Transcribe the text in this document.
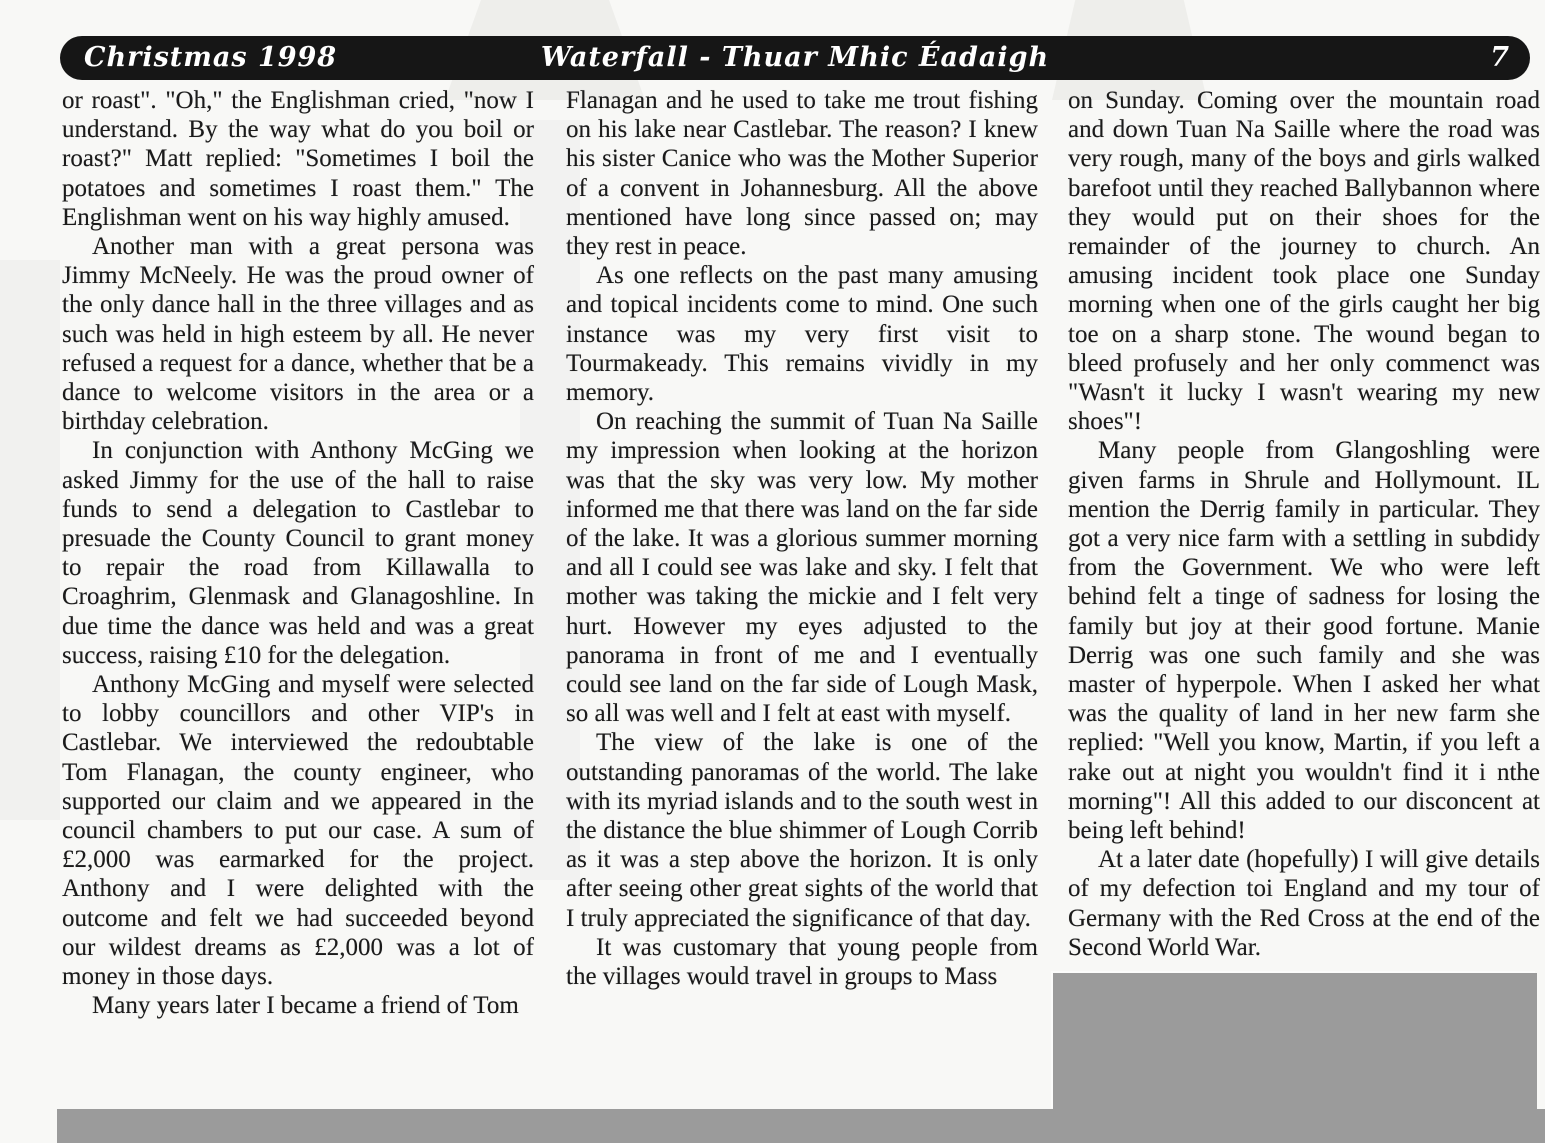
Christmas 1998	Waterfall - Thuar Mhic Éadaigh	7

or roast". "Oh," the Englishman cried, "now I understand. By the way what do you boil or roast?" Matt replied: "Sometimes I boil the potatoes and sometimes I roast them." The Englishman went on his way highly amused.

Another man with a great persona was Jimmy McNeely. He was the proud owner of the only dance hall in the three villages and as such was held in high esteem by all. He never refused a request for a dance, whether that be a dance to welcome visitors in the area or a birthday celebration.

In conjunction with Anthony McGing we asked Jimmy for the use of the hall to raise funds to send a delegation to Castlebar to presuade the County Council to grant money to repair the road from Killawalla to Croaghrim, Glenmask and Glanagoshline. In due time the dance was held and was a great success, raising £10 for the delegation.

Anthony McGing and myself were selected to lobby councillors and other VIP's in Castlebar. We interviewed the redoubtable Tom Flanagan, the county engineer, who supported our claim and we appeared in the council chambers to put our case. A sum of £2,000 was earmarked for the project. Anthony and I were delighted with the outcome and felt we had succeeded beyond our wildest dreams as £2,000 was a lot of money in those days.

Many years later I became a friend of Tom

Flanagan and he used to take me trout fishing on his lake near Castlebar. The reason? I knew his sister Canice who was the Mother Superior of a convent in Johannesburg. All the above mentioned have long since passed on; may they rest in peace.

As one reflects on the past many amusing and topical incidents come to mind. One such instance was my very first visit to Tourmakeady. This remains vividly in my memory.

On reaching the summit of Tuan Na Saille my impression when looking at the horizon was that the sky was very low. My mother informed me that there was land on the far side of the lake. It was a glorious summer morning and all I could see was lake and sky. I felt that mother was taking the mickie and I felt very hurt. However my eyes adjusted to the panorama in front of me and I eventually could see land on the far side of Lough Mask, so all was well and I felt at east with myself.

The view of the lake is one of the outstanding panoramas of the world. The lake with its myriad islands and to the south west in the distance the blue shimmer of Lough Corrib as it was a step above the horizon. It is only after seeing other great sights of the world that I truly appreciated the significance of that day.

It was customary that young people from the villages would travel in groups to Mass

on Sunday. Coming over the mountain road and down Tuan Na Saille where the road was very rough, many of the boys and girls walked barefoot until they reached Ballybannon where they would put on their shoes for the remainder of the journey to church. An amusing incident took place one Sunday morning when one of the girls caught her big toe on a sharp stone. The wound began to bleed profusely and her only commenct was "Wasn't it lucky I wasn't wearing my new shoes"!

Many people from Glangoshling were given farms in Shrule and Hollymount. IL mention the Derrig family in particular. They got a very nice farm with a settling in subdidy from the Government. We who were left behind felt a tinge of sadness for losing the family but joy at their good fortune. Manie Derrig was one such family and she was master of hyperpole. When I asked her what was the quality of land in her new farm she replied: "Well you know, Martin, if you left a rake out at night you wouldn't find it i nthe morning"! All this added to our disconcent at being left behind!

At a later date (hopefully) I will give details of my defection toi England and my tour of Germany with the Red Cross at the end of the Second World War.
